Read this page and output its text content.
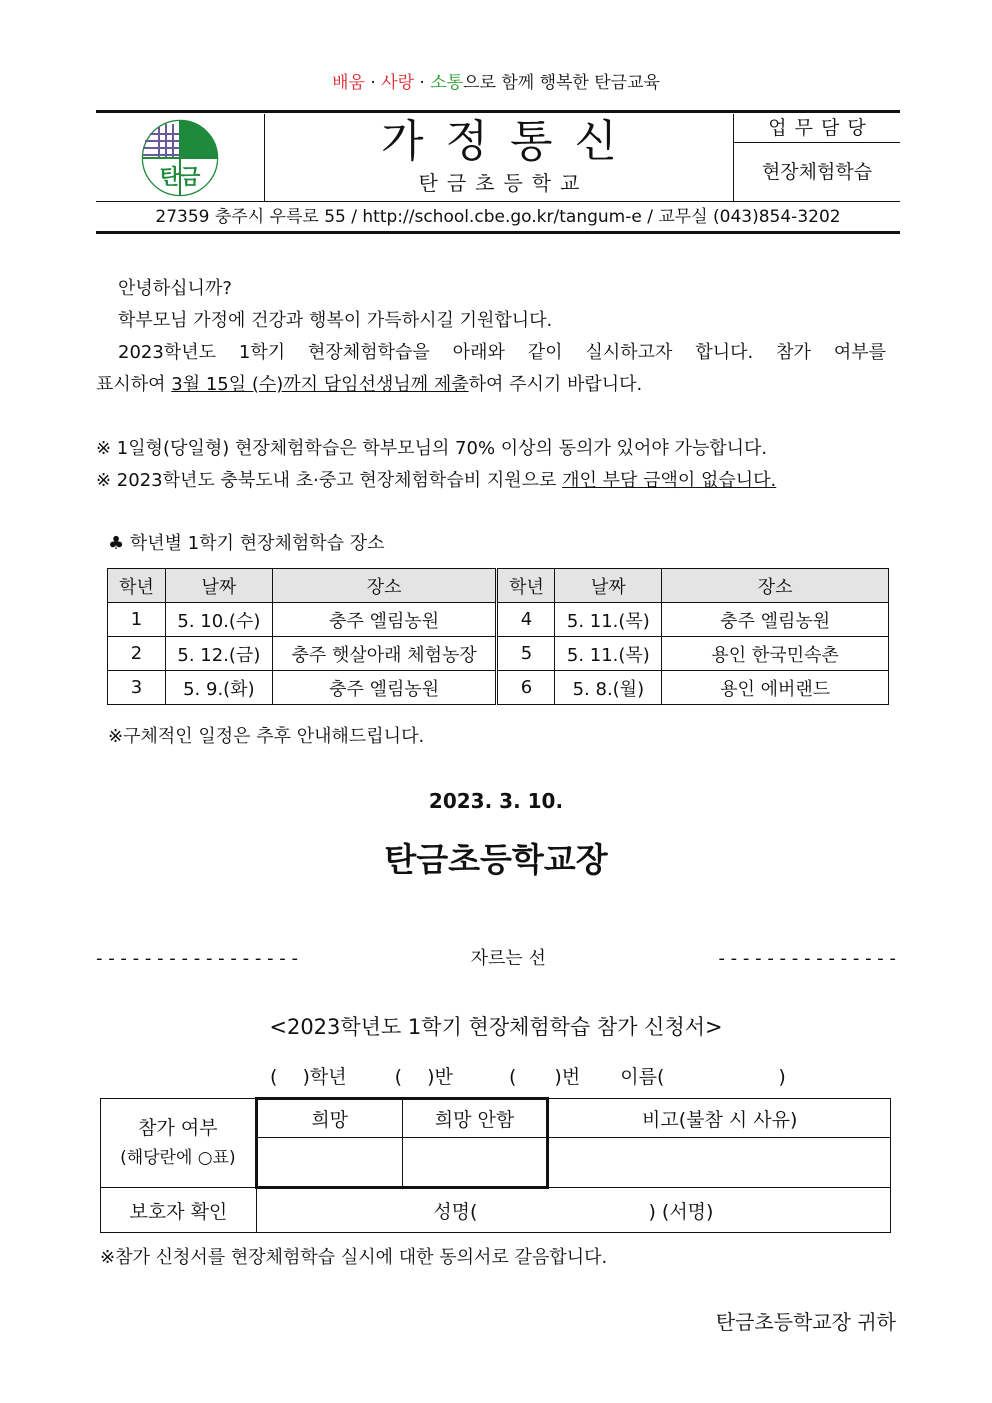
배움 · 사랑 · 소통으로 함께 행복한 탄금교육
탄금
가정통신
탄금초등학교
업무담당
현장체험학습
27359 충주시 우륵로 55 / http://school.cbe.go.kr/tangum-e / 교무실 (043)854-3202
안녕하십니까?
학부모님 가정에 건강과 행복이 가득하시길 기원합니다.
2023학년도 1학기 현장체험학습을 아래와 같이 실시하고자 합니다. 참가 여부를
표시하여 3월 15일 (수)까지 담임선생님께 제출하여 주시기 바랍니다.
※ 1일형(당일형) 현장체험학습은 학부모님의 70% 이상의 동의가 있어야 가능합니다.
※ 2023학년도 충북도내 초·중고 현장체험학습비 지원으로 개인 부담 금액이 없습니다.
♣ 학년별 1학기 현장체험학습 장소
학년	날짜	장소	학년	날짜	장소
1	5. 10.(수)	충주 엘림농원	4	5. 11.(목)	충주 엘림농원
2	5. 12.(금)	충주 햇살아래 체험농장	5	5. 11.(목)	용인 한국민속촌
3	5. 9.(화)	충주 엘림농원	6	5. 8.(월)	용인 에버랜드
※구체적인 일정은 추후 안내해드립니다.
2023. 3. 10.
탄금초등학교장
- - - - - - - - - - - - - - - - -	자르는 선	- - - - - - - - - - - - - - -
<2023학년도 1학기 현장체험학습 참가 신청서>
(　 )학년	(　 )반	(　　)번 이름(　　　　　　)
참가 여부
(해당란에 ○표)	희망	희망 안함	비고(불참 시 사유)

보호자 확인	성명(　　　　　　　　　) (서명)		
※참가 신청서를 현장체험학습 실시에 대한 동의서로 갈음합니다.
탄금초등학교장 귀하
